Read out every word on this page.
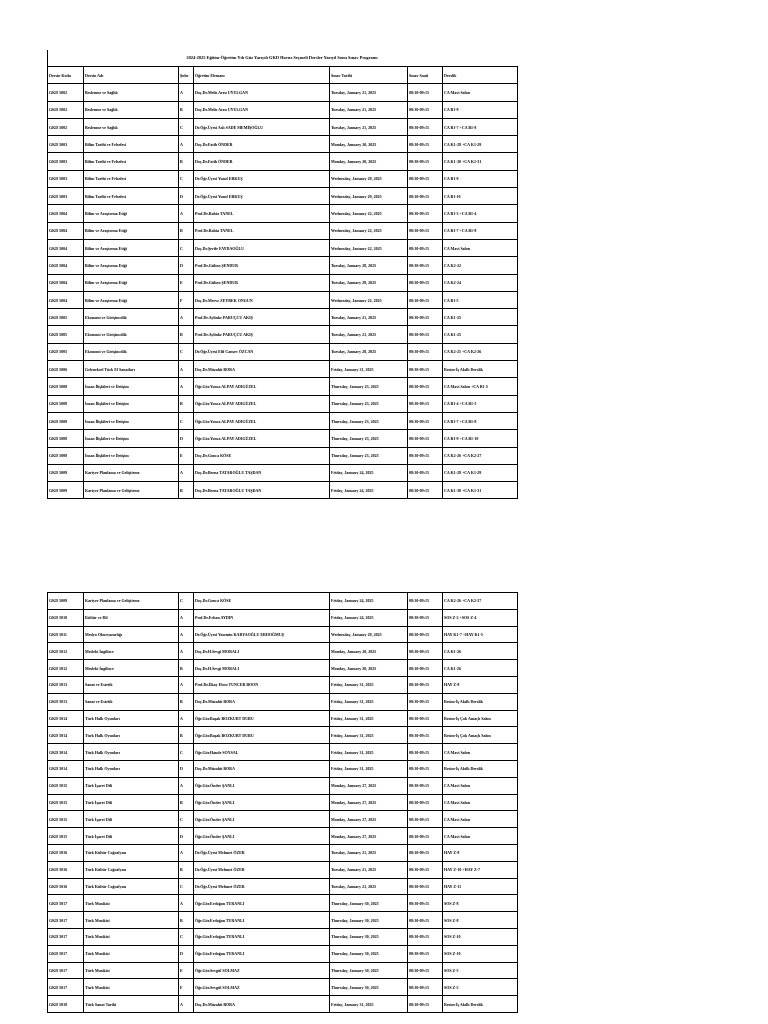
2024-2025 Eğitim-Öğretim Yılı Güz Yarıyılı GKD Havuz Seçmeli Dersler Yarıyıl Sonu Sınav Programı
Dersin Kodu	Dersin Adı	Şube	Öğretim Elemanı	Sınav Tarihi	Sınav Saati	Derslik
GKD 5002	Beslenme ve Sağlık	A	Doç.Dr.Melis Arzu UYULGAN	Tuesday, January 21, 2025	08:30-09:15	CA Mavi Salon
GKD 5002	Beslenme ve Sağlık	B	Doç.Dr.Melis Arzu UYULGAN	Tuesday, January 21, 2025	08:30-09:15	CA B1-9
GKD 5002	Beslenme ve Sağlık	C	Dr.Öğr.Üyesi Aslı SADE MEMİŞOĞLU	Tuesday, January 21, 2025	08:30-09:15	CA B1-7 +CA B1-8
GKD 5003	Bilim Tarihi ve Felsefesi	A	Doç.Dr.Fatih ÖNDER	Monday, January 20, 2025	08:30-09:15	CA K1-28 +CA K1-29
GKD 5003	Bilim Tarihi ve Felsefesi	B	Doç.Dr.Fatih ÖNDER	Monday, January 20, 2025	08:30-09:15	CA K1-30 +CA K1-31
GKD 5003	Bilim Tarihi ve Felsefesi	C	Dr.Öğr.Üyesi Yusuf ERKUŞ	Wednesday, January 29, 2025	08:30-09:15	CA B1-9
GKD 5003	Bilim Tarihi ve Felsefesi	D	Dr.Öğr.Üyesi Yusuf ERKUŞ	Wednesday, January 29, 2025	08:30-09:15	CA B1-10
GKD 5004	Bilim ve Araştırma Etiği	A	Prof.Dr.Rabia TANEL	Wednesday, January 22, 2025	08:30-09:15	CA B1-3 +CA B1-4
GKD 5004	Bilim ve Araştırma Etiği	B	Prof.Dr.Rabia TANEL	Wednesday, January 22, 2025	08:30-09:15	CA B1-7 +CA B1-8
GKD 5004	Bilim ve Araştırma Etiği	C	Doç.Dr.Şerife FAYDAOĞLU	Wednesday, January 22, 2025	08:30-09:15	CA Mavi Salon
GKD 5004	Bilim ve Araştırma Etiği	D	Prof.Dr.Gülten ŞENDUR	Tuesday, January 28, 2025	08:30-09:15	CA K2-22
GKD 5004	Bilim ve Araştırma Etiği	E	Prof.Dr.Gülten ŞENDUR	Tuesday, January 28, 2025	08:30-09:15	CA K2-24
GKD 5004	Bilim ve Araştırma Etiği	F	Doç.Dr.Merve ZEYBEK ONGUN	Wednesday, January 22, 2025	08:30-09:15	CA B1-5
GKD 5005	Ekonomi ve Girişimcilik	A	Prof.Dr.Aylinke PARUÇCU AKIŞ	Tuesday, January 21, 2025	08:30-09:15	CA K1-25
GKD 5005	Ekonomi ve Girişimcilik	B	Prof.Dr.Aylinke PARUÇCU AKIŞ	Tuesday, January 21, 2025	08:30-09:15	CA K1-25
GKD 5005	Ekonomi ve Girişimcilik	C	Dr.Öğr.Üyesi Elif Cansev ÖZCAN	Tuesday, January 28, 2025	08:30-09:15	CA K2-25 +CA K2-26
GKD 5006	Geleneksel Türk El Sanatları	A	Doç.Dr.Müzahit BORA	Friday, January 31, 2025	08:30-09:15	Resim-İş Akıllı Derslik
GKD 5008	İnsan İlişkileri ve İletişim	A	Öğr.Gör.Yonca ALPAY ADIGÜZEL	Thursday, January 23, 2025	08:30-09:15	CA Mavi Salon +CA B1-5
GKD 5008	İnsan İlişkileri ve İletişim	B	Öğr.Gör.Yonca ALPAY ADIGÜZEL	Thursday, January 23, 2025	08:30-09:15	CA B1-4 +CA B1-5
GKD 5008	İnsan İlişkileri ve İletişim	C	Öğr.Gör.Yonca ALPAY ADIGÜZEL	Thursday, January 23, 2025	08:30-09:15	CA B1-7 +CA B1-8
GKD 5008	İnsan İlişkileri ve İletişim	D	Öğr.Gör.Yonca ALPAY ADIGÜZEL	Thursday, January 23, 2025	08:30-09:15	CA B1-9 +CA B1-10
GKD 5008	İnsan İlişkileri ve İletişim	E	Doç.Dr.Gonca KÖSE	Thursday, January 23, 2025	08:30-09:15	CA K2-26 +CA K2-27
GKD 5009	Kariyer Planlama ve Geliştirme	A	Doç.Dr.Berna TATAROĞLU TAŞDAN	Friday, January 24, 2025	08:30-09:15	CA K1-28 +CA K1-29
GKD 5009	Kariyer Planlama ve Geliştirme	B	Doç.Dr.Berna TATAROĞLU TAŞDAN	Friday, January 24, 2025	08:30-09:15	CA K1-30 +CA K1-31
GKD 5009	Kariyer Planlama ve Geliştirme	C	Doç.Dr.Gonca KÖSE	Friday, January 24, 2025	08:30-09:15	CA K2-26 +CA K2-27
GKD 5010	Kültür ve Dil	A	Prof.Dr.Erhan AYDIN	Friday, January 24, 2025	08:30-09:15	SOS Z-2 +SOS Z-4
GKD 5011	Medya Okuryazarlığı	A	Dr.Öğr.Üyesi Yasemin KARYAOĞLU ERDOĞMUŞ	Wednesday, January 29, 2025	08:30-09:15	HAY K1-7 +HAY K1-5
GKD 5012	Mesleki İngilizce	A	Doç.Dr.H.Sevgi MORALI	Monday, January 20, 2025	08:30-09:15	CA K1-26
GKD 5012	Mesleki İngilizce	B	Doç.Dr.H.Sevgi MORALI	Monday, January 20, 2025	08:30-09:15	CA K1-26
GKD 5013	Sanat ve Estetik	A	Prof.Dr.İlkay Ebru TUNCER BOON	Friday, January 31, 2025	08:30-09:15	HAY Z-8
GKD 5013	Sanat ve Estetik	B	Doç.Dr.Müzahit BORA	Friday, January 31, 2025	08:30-09:15	Resim-İş Akıllı Derslik
GKD 5014	Türk Halk Oyunları	A	Öğr.Gör.Başak BOZKURT DURU	Friday, January 31, 2025	08:30-09:15	Resim-İş Çok Amaçlı Salon
GKD 5014	Türk Halk Oyunları	B	Öğr.Gör.Başak BOZKURT DURU	Friday, January 31, 2025	08:30-09:15	Resim-İş Çok Amaçlı Salon
GKD 5014	Türk Halk Oyunları	C	Öğr.Gör.Hande SOYSAL	Friday, January 31, 2025	08:30-09:15	CA Mavi Salon
GKD 5014	Türk Halk Oyunları	D	Doç.Dr.Müzahit BORA	Friday, January 31, 2025	08:30-09:15	Resim-İş Akıllı Derslik
GKD 5015	Türk İşaret Dili	A	Öğr.Gör.Önder ŞANLI	Monday, January 27, 2025	08:30-09:15	CA Mavi Salon
GKD 5015	Türk İşaret Dili	B	Öğr.Gör.Önder ŞANLI	Monday, January 27, 2025	08:30-09:15	CA Mavi Salon
GKD 5015	Türk İşaret Dili	C	Öğr.Gör.Önder ŞANLI	Monday, January 27, 2025	08:30-09:15	CA Mavi Salon
GKD 5015	Türk İşaret Dili	D	Öğr.Gör.Önder ŞANLI	Monday, January 27, 2025	08:30-09:15	CA Mavi Salon
GKD 5016	Türk Kültür Coğrafyası	A	Dr.Öğr.Üyesi Mehmet ÖZER	Tuesday, January 21, 2025	08:30-09:15	HAY Z-8
GKD 5016	Türk Kültür Coğrafyası	B	Dr.Öğr.Üyesi Mehmet ÖZER	Tuesday, January 21, 2025	08:30-09:15	HAY Z-10 +HAY Z-7
GKD 5016	Türk Kültür Coğrafyası	C	Dr.Öğr.Üyesi Mehmet ÖZER	Tuesday, January 21, 2025	08:30-09:15	HAY Z-11
GKD 5017	Türk Musikisi	A	Öğr.Gör.Erdoğan TURANLI	Thursday, January 30, 2025	08:30-09:15	SOS Z-8
GKD 5017	Türk Musikisi	B	Öğr.Gör.Erdoğan TURANLI	Thursday, January 30, 2025	08:30-09:15	SOS Z-8
GKD 5017	Türk Musikisi	C	Öğr.Gör.Erdoğan TURANLI	Thursday, January 30, 2025	08:30-09:15	SOS Z-10
GKD 5017	Türk Musikisi	D	Öğr.Gör.Erdoğan TURANLI	Thursday, January 30, 2025	08:30-09:15	SOS Z-10
GKD 5017	Türk Musikisi	E	Öğr.Gör.Sevgül SOLMAZ	Thursday, January 30, 2025	08:30-09:15	SOS Z-5
GKD 5017	Türk Musikisi	F	Öğr.Gör.Sevgül SOLMAZ	Thursday, January 30, 2025	08:30-09:15	SOS Z-5
GKD 5018	Türk Sanat Tarihi	A	Doç.Dr.Müzahit BORA	Friday, January 31, 2025	08:30-09:15	Resim-İş Akıllı Derslik
